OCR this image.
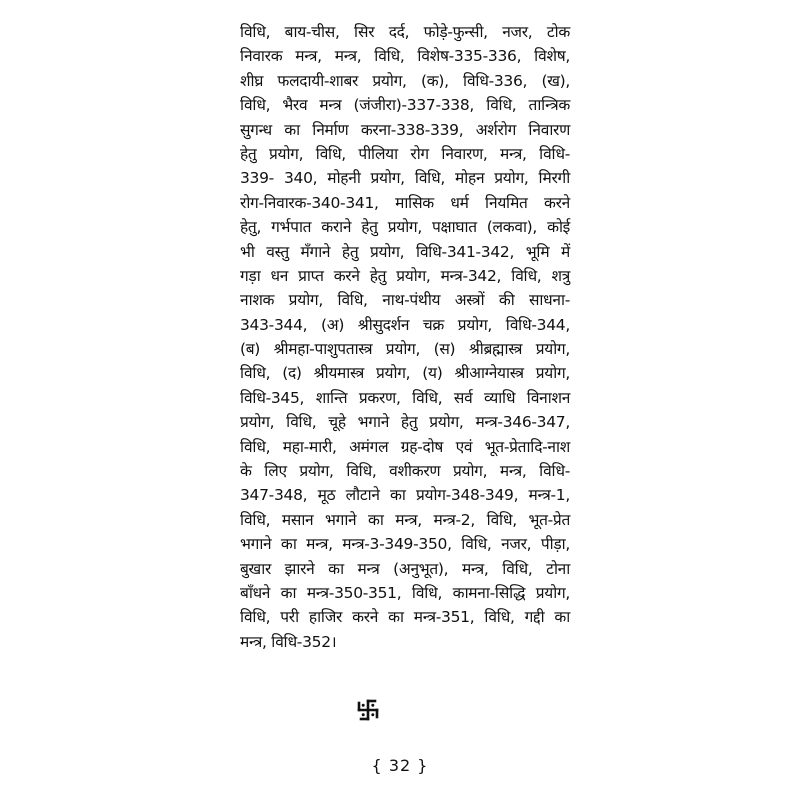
विधि, बाय-चीस, सिर दर्द, फोड़े-फुन्सी, नजर, टोक
निवारक मन्त्र, मन्त्र, विधि, विशेष-335-336, विशेष,
शीघ्र फलदायी-शाबर प्रयोग, (क), विधि-336, (ख),
विधि, भैरव मन्त्र (जंजीरा)-337-338, विधि, तान्त्रिक
सुगन्ध का निर्माण करना-338-339, अर्शरोग निवारण
हेतु प्रयोग, विधि, पीलिया रोग निवारण, मन्त्र, विधि-
339- 340, मोहनी प्रयोग, विधि, मोहन प्रयोग, मिरगी
रोग-निवारक-340-341, मासिक धर्म नियमित करने
हेतु, गर्भपात कराने हेतु प्रयोग, पक्षाघात (लकवा), कोई
भी वस्तु मँगाने हेतु प्रयोग, विधि-341-342, भूमि में
गड़ा धन प्राप्त करने हेतु प्रयोग, मन्त्र-342, विधि, शत्रु
नाशक प्रयोग, विधि, नाथ-पंथीय अस्त्रों की साधना-
343-344, (अ) श्रीसुदर्शन चक्र प्रयोग, विधि-344,
(ब) श्रीमहा-पाशुपतास्त्र प्रयोग, (स) श्रीब्रह्मास्त्र प्रयोग,
विधि, (द) श्रीयमास्त्र प्रयोग, (य) श्रीआग्नेयास्त्र प्रयोग,
विधि-345, शान्ति प्रकरण, विधि, सर्व व्याधि विनाशन
प्रयोग, विधि, चूहे भगाने हेतु प्रयोग, मन्त्र-346-347,
विधि, महा-मारी, अमंगल ग्रह-दोष एवं भूत-प्रेतादि-नाश
के लिए प्रयोग, विधि, वशीकरण प्रयोग, मन्त्र, विधि-
347-348, मूठ लौटाने का प्रयोग-348-349, मन्त्र-1,
विधि, मसान भगाने का मन्त्र, मन्त्र-2, विधि, भूत-प्रेत
भगाने का मन्त्र, मन्त्र-3-349-350, विधि, नजर, पीड़ा,
बुखार झारने का मन्त्र (अनुभूत), मन्त्र, विधि, टोना
बाँधने का मन्त्र-350-351, विधि, कामना-सिद्धि प्रयोग,
विधि, परी हाजिर करने का मन्त्र-351, विधि, गद्दी का
मन्त्र, विधि-352।
{ 32 }
